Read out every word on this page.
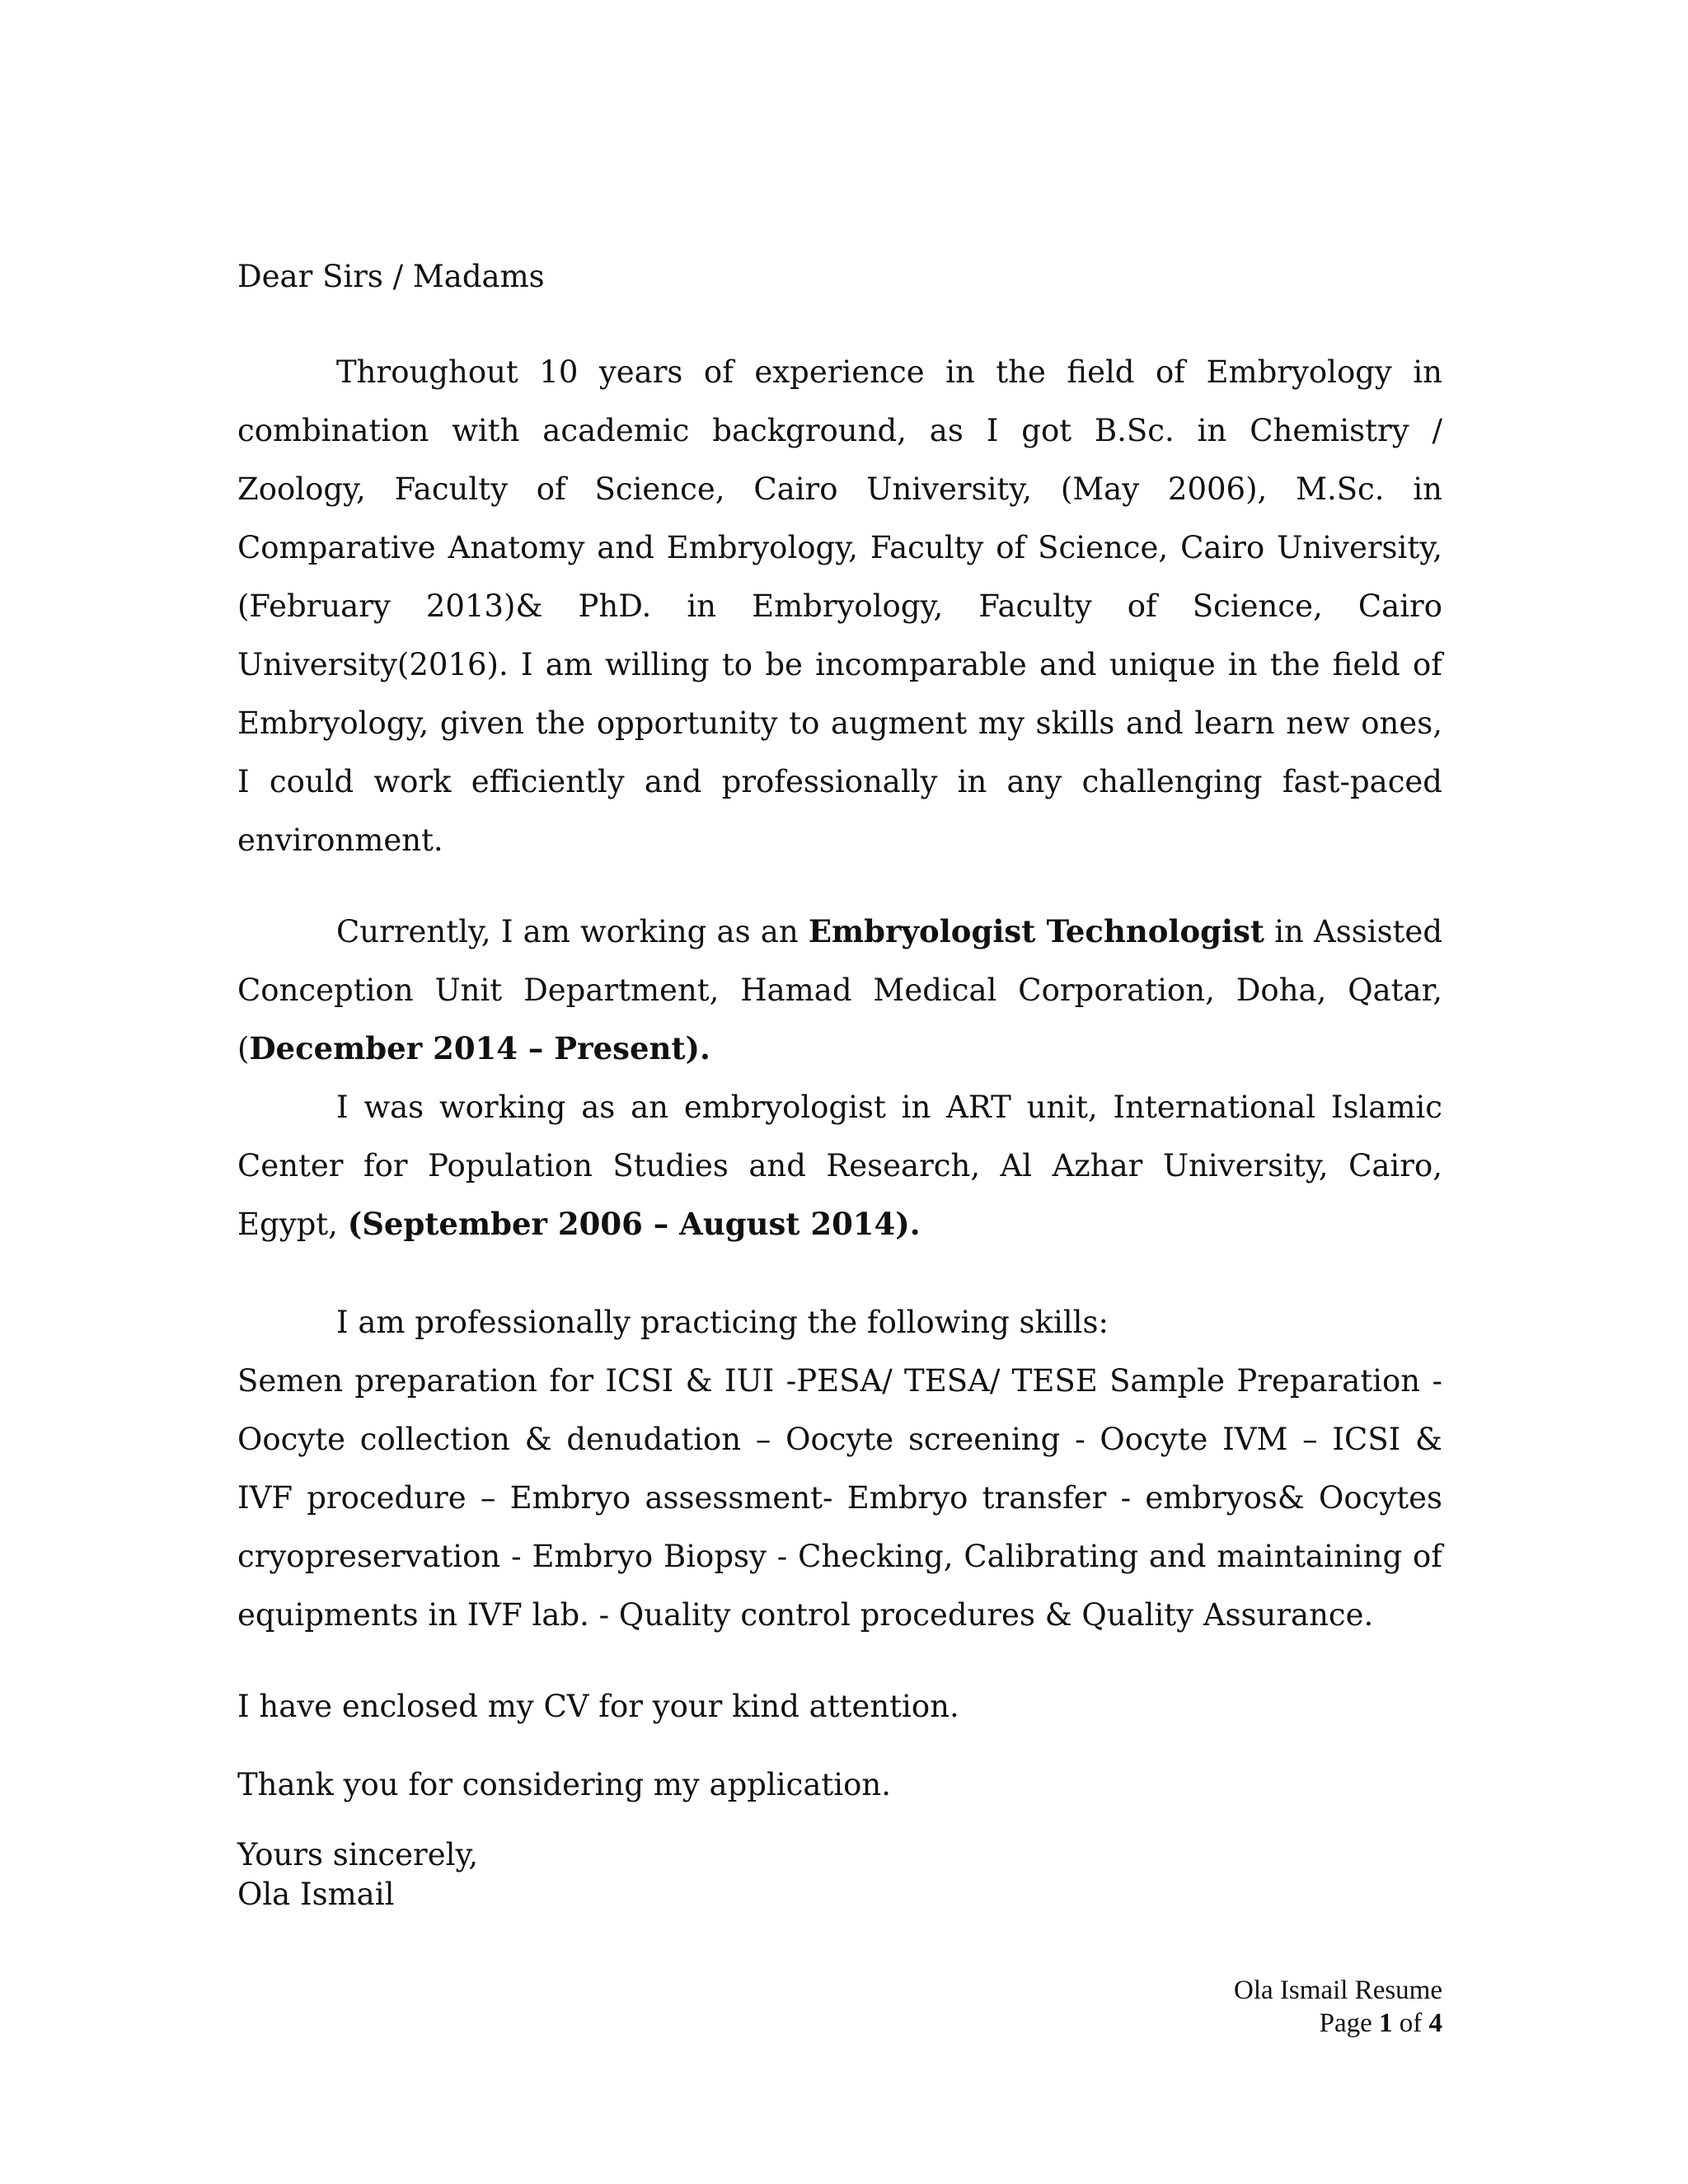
Dear Sirs / Madams

Throughout 10 years of experience in the field of Embryology in combination with academic background, as I got B.Sc. in Chemistry / Zoology, Faculty of Science, Cairo University, (May 2006), M.Sc. in Comparative Anatomy and Embryology, Faculty of Science, Cairo University, (February 2013)& PhD. in Embryology, Faculty of Science, Cairo University(2016). I am willing to be incomparable and unique in the field of Embryology, given the opportunity to augment my skills and learn new ones, I could work efficiently and professionally in any challenging fast-paced environment.

Currently, I am working as an Embryologist Technologist in Assisted Conception Unit Department, Hamad Medical Corporation, Doha, Qatar, (December 2014 – Present).

I was working as an embryologist in ART unit, International Islamic Center for Population Studies and Research, Al Azhar University, Cairo, Egypt, (September 2006 – August 2014).

I am professionally practicing the following skills:

Semen preparation for ICSI & IUI -PESA/ TESA/ TESE Sample Preparation - Oocyte collection & denudation – Oocyte screening - Oocyte IVM – ICSI & IVF procedure – Embryo assessment- Embryo transfer - embryos& Oocytes cryopreservation - Embryo Biopsy - Checking, Calibrating and maintaining of equipments in IVF lab. - Quality control procedures & Quality Assurance.

I have enclosed my CV for your kind attention.

Thank you for considering my application.

Yours sincerely,
Ola Ismail

Ola Ismail Resume
Page 1 of 4
